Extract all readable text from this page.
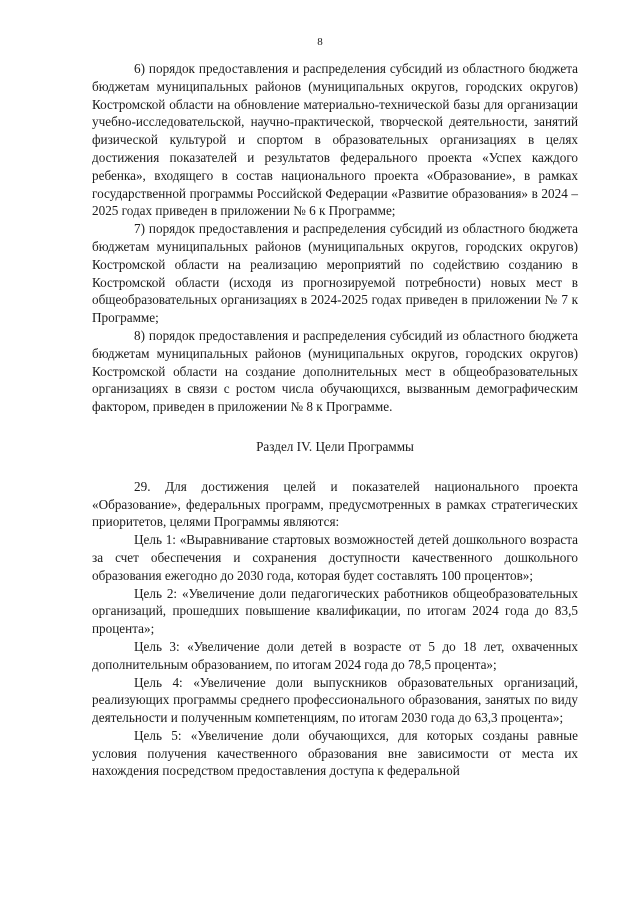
8

6) порядок предоставления и распределения субсидий из областного бюджета бюджетам муниципальных районов (муниципальных округов, городских округов) Костромской области на обновление материально-технической базы для организации учебно-исследовательской, научно-практической, творческой деятельности, занятий физической культурой и спортом в образовательных организациях в целях достижения показателей и результатов федерального проекта «Успех каждого ребенка», входящего в состав национального проекта «Образование», в рамках государственной программы Российской Федерации «Развитие образования» в 2024 – 2025 годах приведен в приложении № 6 к Программе;

7) порядок предоставления и распределения субсидий из областного бюджета бюджетам муниципальных районов (муниципальных округов, городских округов) Костромской области на реализацию мероприятий по содействию созданию в Костромской области (исходя из прогнозируемой потребности) новых мест в общеобразовательных организациях в 2024-2025 годах приведен в приложении № 7 к Программе;

8) порядок предоставления и распределения субсидий из областного бюджета бюджетам муниципальных районов (муниципальных округов, городских округов) Костромской области на создание дополнительных мест в общеобразовательных организациях в связи с ростом числа обучающихся, вызванным демографическим фактором, приведен в приложении № 8 к Программе.

Раздел IV. Цели Программы

29. Для достижения целей и показателей национального проекта «Образование», федеральных программ, предусмотренных в рамках стратегических приоритетов, целями Программы являются:

Цель 1: «Выравнивание стартовых возможностей детей дошкольного возраста за счет обеспечения и сохранения доступности качественного дошкольного образования ежегодно до 2030 года, которая будет составлять 100 процентов»;

Цель 2: «Увеличение доли педагогических работников общеобразовательных организаций, прошедших повышение квалификации, по итогам 2024 года до 83,5 процента»;

Цель 3: «Увеличение доли детей в возрасте от 5 до 18 лет, охваченных дополнительным образованием, по итогам 2024 года до 78,5 процента»;

Цель 4: «Увеличение доли выпускников образовательных организаций, реализующих программы среднего профессионального образования, занятых по виду деятельности и полученным компетенциям, по итогам 2030 года до 63,3 процента»;

Цель 5: «Увеличение доли обучающихся, для которых созданы равные условия получения качественного образования вне зависимости от места их нахождения посредством предоставления доступа к федеральной
